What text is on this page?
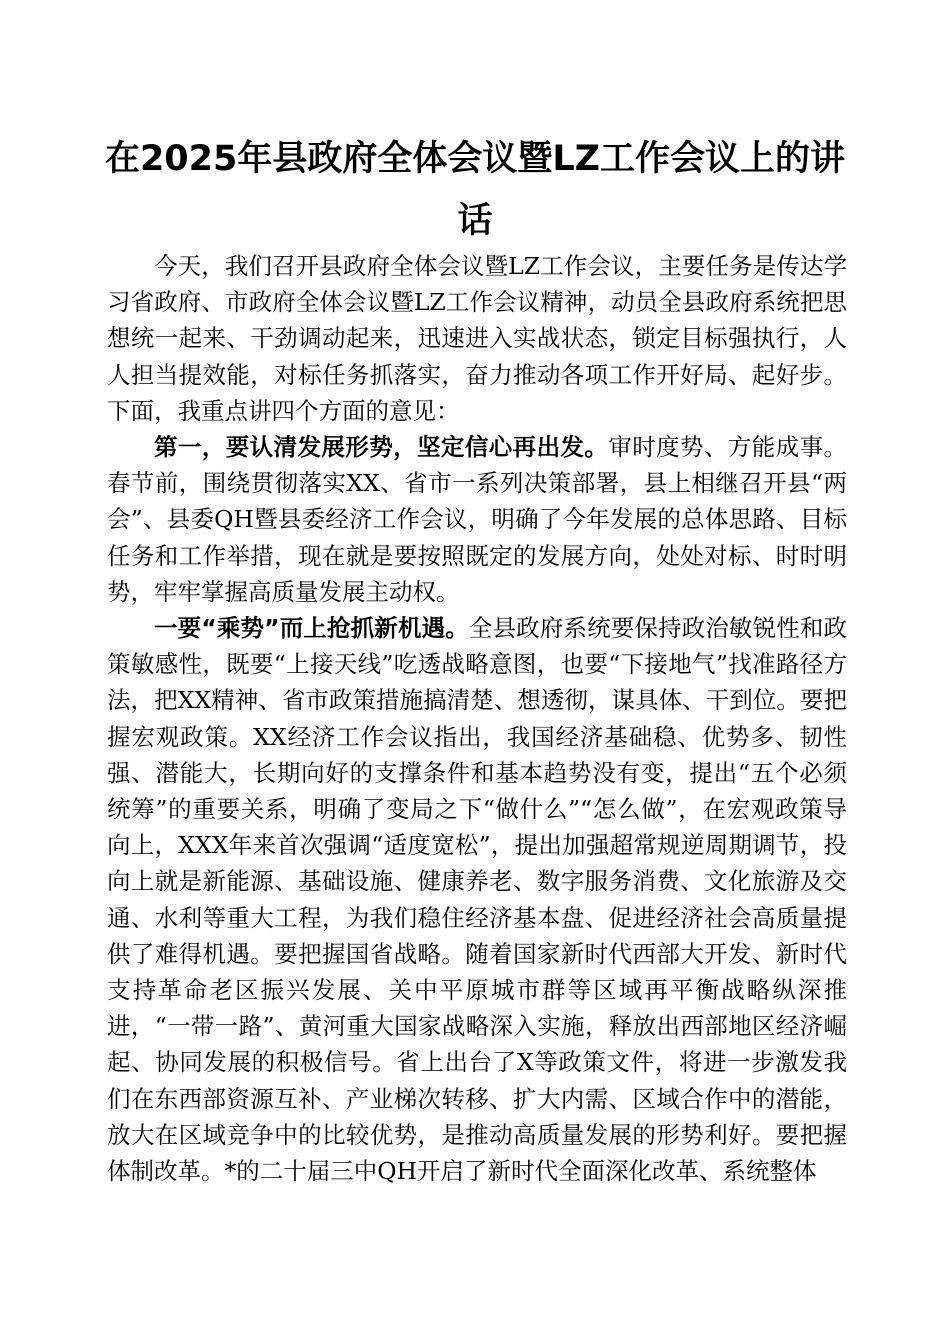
在2025年县政府全体会议暨LZ工作会议上的讲话

今天，我们召开县政府全体会议暨LZ工作会议，主要任务是传达学习省政府、市政府全体会议暨LZ工作会议精神，动员全县政府系统把思想统一起来、干劲调动起来，迅速进入实战状态，锁定目标强执行，人人担当提效能，对标任务抓落实，奋力推动各项工作开好局、起好步。下面，我重点讲四个方面的意见：

第一，要认清发展形势，坚定信心再出发。审时度势、方能成事。春节前，围绕贯彻落实XX、省市一系列决策部署，县上相继召开县“两会”、县委QH暨县委经济工作会议，明确了今年发展的总体思路、目标任务和工作举措，现在就是要按照既定的发展方向，处处对标、时时明势，牢牢掌握高质量发展主动权。

一要“乘势”而上抢抓新机遇。全县政府系统要保持政治敏锐性和政策敏感性，既要“上接天线”吃透战略意图，也要“下接地气”找准路径方法，把XX精神、省市政策措施搞清楚、想透彻，谋具体、干到位。要把握宏观政策。XX经济工作会议指出，我国经济基础稳、优势多、韧性强、潜能大，长期向好的支撑条件和基本趋势没有变，提出“五个必须统筹”的重要关系，明确了变局之下“做什么”“怎么做”，在宏观政策导向上，XXX年来首次强调“适度宽松”，提出加强超常规逆周期调节，投向上就是新能源、基础设施、健康养老、数字服务消费、文化旅游及交通、水利等重大工程，为我们稳住经济基本盘、促进经济社会高质量提供了难得机遇。要把握国省战略。随着国家新时代西部大开发、新时代支持革命老区振兴发展、关中平原城市群等区域再平衡战略纵深推进，“一带一路”、黄河重大国家战略深入实施，释放出西部地区经济崛起、协同发展的积极信号。省上出台了X等政策文件，将进一步激发我们在东西部资源互补、产业梯次转移、扩大内需、区域合作中的潜能，放大在区域竞争中的比较优势，是推动高质量发展的形势利好。要把握体制改革。*的二十届三中QH开启了新时代全面深化改革、系统整体
